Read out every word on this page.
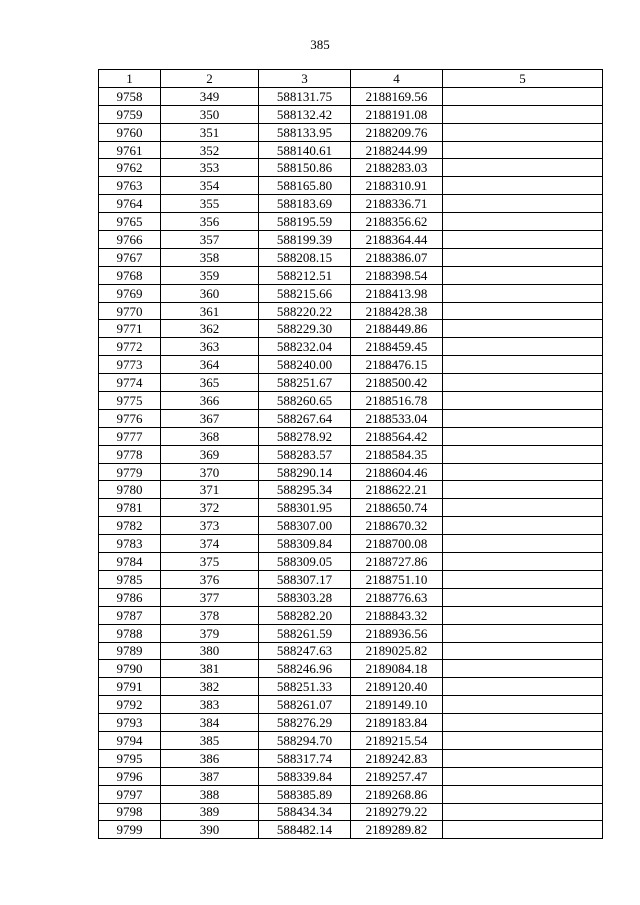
385
1	2	3	4	5
9758	349	588131.75	2188169.56	
9759	350	588132.42	2188191.08	
9760	351	588133.95	2188209.76	
9761	352	588140.61	2188244.99	
9762	353	588150.86	2188283.03	
9763	354	588165.80	2188310.91	
9764	355	588183.69	2188336.71	
9765	356	588195.59	2188356.62	
9766	357	588199.39	2188364.44	
9767	358	588208.15	2188386.07	
9768	359	588212.51	2188398.54	
9769	360	588215.66	2188413.98	
9770	361	588220.22	2188428.38	
9771	362	588229.30	2188449.86	
9772	363	588232.04	2188459.45	
9773	364	588240.00	2188476.15	
9774	365	588251.67	2188500.42	
9775	366	588260.65	2188516.78	
9776	367	588267.64	2188533.04	
9777	368	588278.92	2188564.42	
9778	369	588283.57	2188584.35	
9779	370	588290.14	2188604.46	
9780	371	588295.34	2188622.21	
9781	372	588301.95	2188650.74	
9782	373	588307.00	2188670.32	
9783	374	588309.84	2188700.08	
9784	375	588309.05	2188727.86	
9785	376	588307.17	2188751.10	
9786	377	588303.28	2188776.63	
9787	378	588282.20	2188843.32	
9788	379	588261.59	2188936.56	
9789	380	588247.63	2189025.82	
9790	381	588246.96	2189084.18	
9791	382	588251.33	2189120.40	
9792	383	588261.07	2189149.10	
9793	384	588276.29	2189183.84	
9794	385	588294.70	2189215.54	
9795	386	588317.74	2189242.83	
9796	387	588339.84	2189257.47	
9797	388	588385.89	2189268.86	
9798	389	588434.34	2189279.22	
9799	390	588482.14	2189289.82	
